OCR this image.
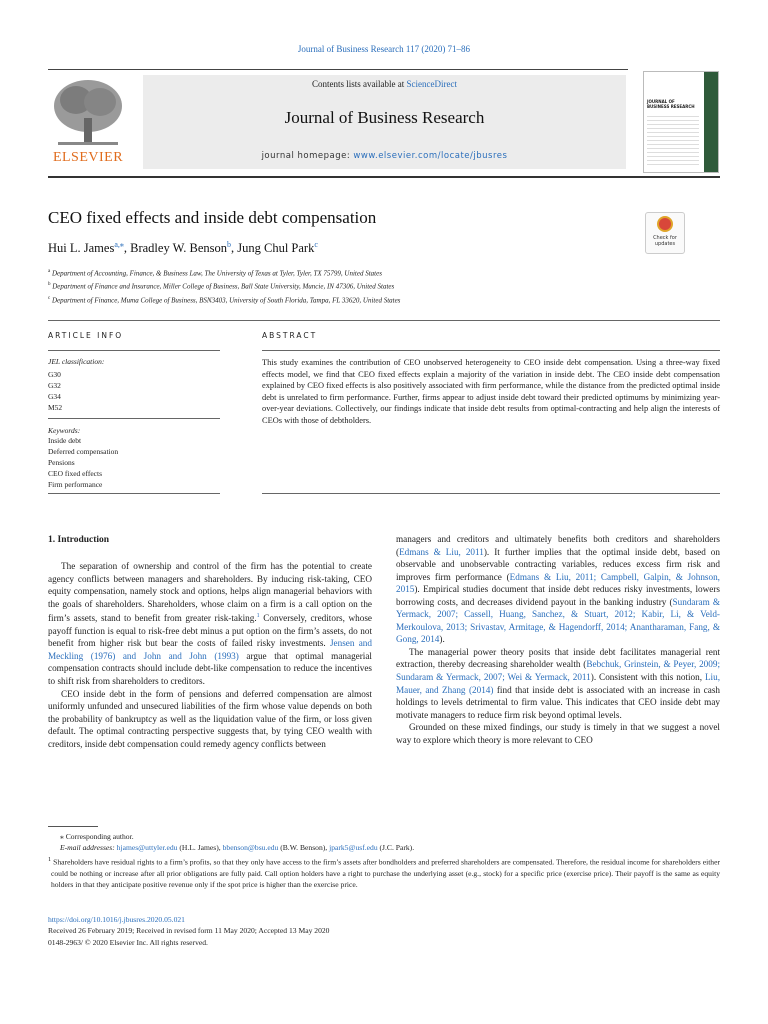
Journal of Business Research 117 (2020) 71–86
ELSEVIER
Contents lists available at ScienceDirect
Journal of Business Research
journal homepage: www.elsevier.com/locate/jbusres
JOURNAL OF BUSINESS RESEARCH
CEO fixed effects and inside debt compensation
Hui L. James$^{a,⁎}$, Bradley W. Benson$^b$, Jung Chul Park$^c$
Check for updates
$^a$ Department of Accounting, Finance, & Business Law, The University of Texas at Tyler, Tyler, TX 75799, United States
$^b$ Department of Finance and Insurance, Miller College of Business, Ball State University, Muncie, IN 47306, United States
$^c$ Department of Finance, Muma College of Business, BSN3403, University of South Florida, Tampa, FL 33620, United States
ARTICLE INFO	ABSTRACT
JEL classification:
G30
G32
G34
M52
Keywords:
Inside debt
Deferred compensation
Pensions
CEO fixed effects
Firm performance
This study examines the contribution of CEO unobserved heterogeneity to CEO inside debt compensation. Using a three-way fixed effects model, we find that CEO fixed effects explain a majority of the variation in inside debt. The CEO inside debt compensation explained by CEO fixed effects is also positively associated with firm performance, while the distance from the predicted optimal inside debt is unrelated to firm performance. Further, firms appear to adjust inside debt toward their predicted optimums by minimizing year-over-year deviations. Collectively, our findings indicate that inside debt results from optimal-contracting and help align the interests of CEOs with those of debtholders.
1. Introduction

The separation of ownership and control of the firm has the potential to create agency conflicts between managers and shareholders. By inducing risk-taking, CEO equity compensation, namely stock and options, helps align managerial behaviors with the goals of shareholders. Shareholders, whose claim on a firm is a call option on the firm’s assets, stand to benefit from greater risk-taking.$^1$ Conversely, creditors, whose payoff function is equal to risk-free debt minus a put option on the firm’s assets, do not benefit from higher risk but bear the costs of failed risky investments. Jensen and Meckling (1976) and John and John (1993) argue that optimal managerial compensation contracts should include debt-like compensation to reduce the incentives to shift risk from shareholders to creditors.

CEO inside debt in the form of pensions and deferred compensation are almost uniformly unfunded and unsecured liabilities of the firm whose value depends on both the probability of bankruptcy as well as the liquidation value of the firm, or loss given default. The optimal contracting perspective suggests that, by tying CEO wealth with creditors, inside debt compensation could remedy agency conflicts between

managers and creditors and ultimately benefits both creditors and shareholders (Edmans & Liu, 2011). It further implies that the optimal inside debt, based on observable and unobservable contracting variables, reduces excess firm risk and improves firm performance (Edmans & Liu, 2011; Campbell, Galpin, & Johnson, 2015). Empirical studies document that inside debt reduces risky investments, lowers borrowing costs, and decreases dividend payout in the banking industry (Sundaram & Yermack, 2007; Cassell, Huang, Sanchez, & Stuart, 2012; Kabir, Li, & Veld-Merkoulova, 2013; Srivastav, Armitage, & Hagendorff, 2014; Anantharaman, Fang, & Gong, 2014).

The managerial power theory posits that inside debt facilitates managerial rent extraction, thereby decreasing shareholder wealth (Bebchuk, Grinstein, & Peyer, 2009; Sundaram & Yermack, 2007; Wei & Yermack, 2011). Consistent with this notion, Liu, Mauer, and Zhang (2014) find that inside debt is associated with an increase in cash holdings to levels detrimental to firm value. This indicates that CEO inside debt may motivate managers to reduce firm risk beyond optimal levels.

Grounded on these mixed findings, our study is timely in that we suggest a novel way to explore which theory is more relevant to CEO

⁎ Corresponding author.

E-mail addresses: hjames@uttyler.edu (H.L. James), bbenson@bsu.edu (B.W. Benson), jpark5@usf.edu (J.C. Park).

$^1$ Shareholders have residual rights to a firm’s profits, so that they only have access to the firm’s assets after bondholders and preferred shareholders are compensated. Therefore, the residual income for shareholders either could be nothing or increase after all prior obligations are fully paid. Call option holders have a right to purchase the underlying asset (e.g., stock) for a specific price (exercise price). Their payoff is the same as equity holders in that they anticipate positive revenue only if the spot price is higher than the exercise price.

https://doi.org/10.1016/j.jbusres.2020.05.021
Received 26 February 2019; Received in revised form 11 May 2020; Accepted 13 May 2020
0148-2963/ © 2020 Elsevier Inc. All rights reserved.
